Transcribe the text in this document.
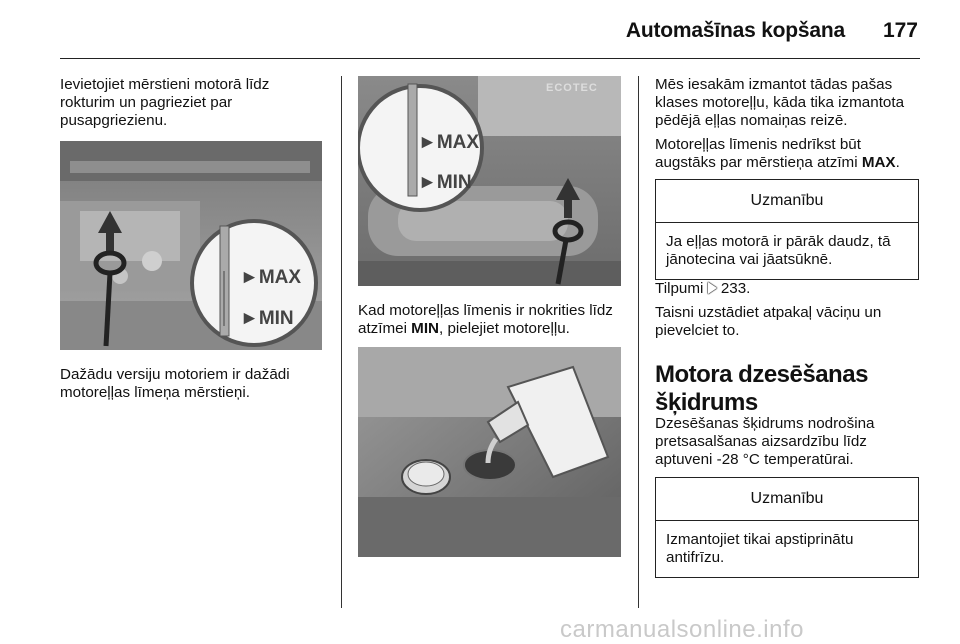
Automašīnas kopšana 177

Ievietojiet mērstieni motorā līdz rokturim un pagrieziet par pusapgriezienu.

►MAX
►MIN

Dažādu versiju motoriem ir dažādi motoreļļas līmeņa mērstieņi.

ECOTEC
►MAX
►MIN

Kad motoreļļas līmenis ir nokrities līdz atzīmei MIN, pielejiet motoreļļu.

Mēs iesakām izmantot tādas pašas klases motoreļļu, kāda tika izmantota pēdējā eļļas nomaiņas reizē.

Motoreļļas līmenis nedrīkst būt augstāks par mērstieņa atzīmi MAX.

Uzmanību
Ja eļļas motorā ir pārāk daudz, tā jānotecina vai jāatsūknē.

Tilpumi  233.

Taisni uzstādiet atpakaļ vāciņu un pievelciet to.

Motora dzesēšanas šķidrums

Dzesēšanas šķidrums nodrošina pretsasalšanas aizsardzību līdz aptuveni -28 °C temperatūrai.

Uzmanību
Izmantojiet tikai apstiprinātu antifrīzu.
carmanualsonline.info
